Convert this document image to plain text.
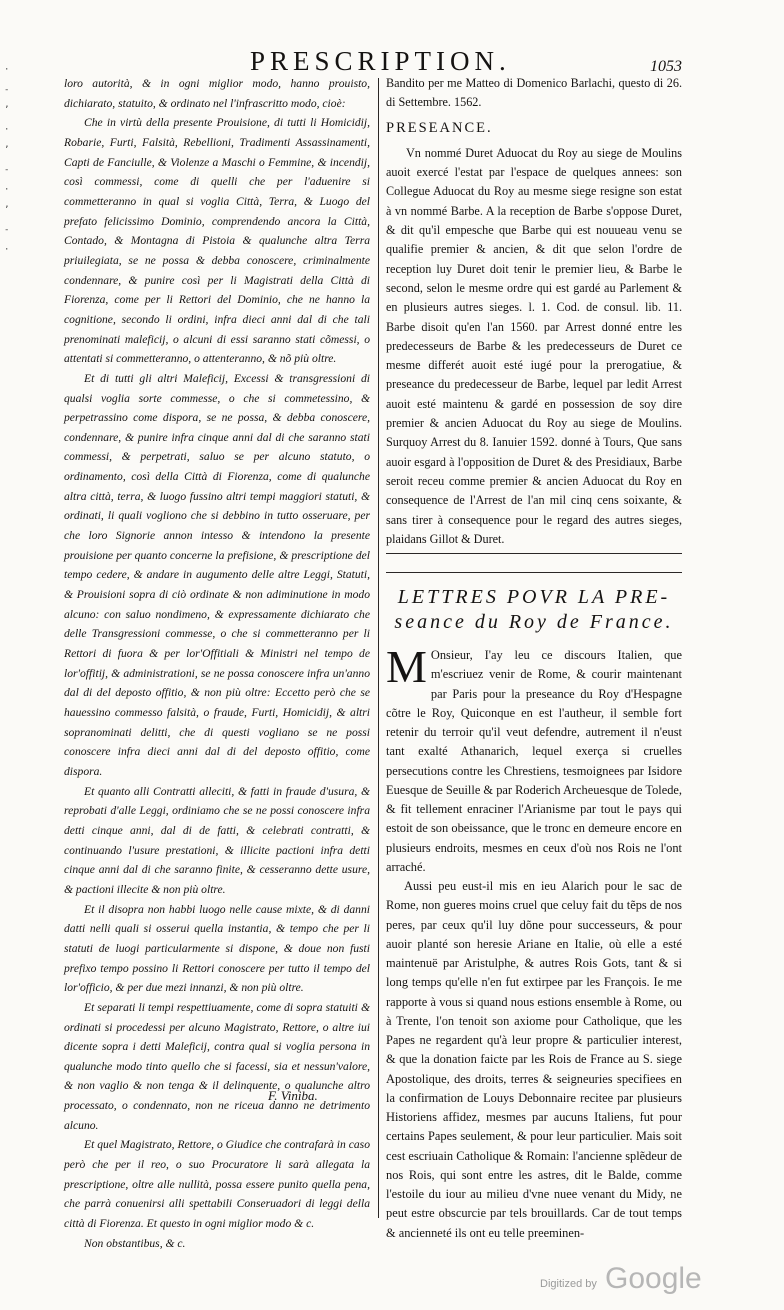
·
-
ʼ
·
ʼ
-
·
ʼ
-
·
PRESCRIPTION.	1053

loro autorità, & in ogni miglior modo, hanno prouisto, dichiarato, statuito, & ordinato nel l'infrascritto modo, cioè:

Che in virtù della presente Prouisione, di tutti li Homicidij, Robarie, Furti, Falsità, Rebellioni, Tradimenti Assassinamenti, Capti de Fanciulle, & Violenze a Maschi o Femmine, & incendij, così commessi, come di quelli che per l'aduenire si commetteranno in qual si voglia Città, Terra, & Luogo del prefato felicissimo Dominio, comprendendo ancora la Città, Contado, & Montagna di Pistoia & qualunche altra Terra priuilegiata, se ne possa & debba conoscere, criminalmente condennare, & punire così per li Magistrati della Città di Fiorenza, come per li Rettori del Dominio, che ne hanno la cognitione, secondo li ordini, infra dieci anni dal di che tali prenominati maleficij, o alcuni di essi saranno stati cõmessi, o attentati si commetteranno, o attenteranno, & nõ più oltre.

Et di tutti gli altri Maleficij, Excessi & transgressioni di qualsi voglia sorte commesse, o che si commetessino, & perpetrassino come dispora, se ne possa, & debba conoscere, condennare, & punire infra cinque anni dal di che saranno stati commessi, & perpetrati, saluo se per alcuno statuto, o ordinamento, così della Città di Fiorenza, come di qualunche altra città, terra, & luogo fussino altri tempi maggiori statuti, & ordinati, li quali vogliono che si debbino in tutto osseruare, per che loro Signorie annon intesso & intendono la presente prouisione per quanto concerne la prefisione, & prescriptione del tempo cedere, & andare in augumento delle altre Leggi, Statuti, & Prouisioni sopra di ciò ordinate & non adiminutione in modo alcuno: con saluo nondimeno, & expressamente dichiarato che delle Transgressioni commesse, o che si commetteranno per li Rettori di fuora & per lor'Offitiali & Ministri nel tempo de lor'offitij, & administrationi, se ne possa conoscere infra un'anno dal di del deposto offitio, & non più oltre: Eccetto però che se hauessino commesso falsità, o fraude, Furti, Homicidij, & altri sopranominati delitti, che di questi vogliano se ne possi conoscere infra dieci anni dal di del deposto offitio, come dispora.

Et quanto alli Contratti alleciti, & fatti in fraude d'usura, & reprobati d'alle Leggi, ordiniamo che se ne possi conoscere infra detti cinque anni, dal di de fatti, & celebrati contratti, & continuando l'usure prestationi, & illicite pactioni infra detti cinque anni dal di che saranno finite, & cesseranno dette usure, & pactioni illecite & non più oltre.

Et il disopra non habbi luogo nelle cause mixte, & di danni datti nelli quali si osserui quella instantia, & tempo che per li statuti de luogi particularmente si dispone, & doue non fusti prefixo tempo possino li Rettori conoscere per tutto il tempo del lor'officio, & per due mezi innanzi, & non più oltre.

Et separati li tempi respettiuamente, come di sopra statuiti & ordinati si procedessi per alcuno Magistrato, Rettore, o altre iui dicente sopra i detti Maleficij, contra qual si voglia persona in qualunche modo tinto quello che si facessi, sia et nessun'valore, & non vaglio & non tenga & il delinquente, o qualunche altro processato, o condennato, non ne riceua danno ne detrimento alcuno.

Et quel Magistrato, Rettore, o Giudice che contrafarà in caso però che per il reo, o suo Procuratore li sarà allegata la prescriptione, oltre alle nullità, possa essere punito quella pena, che parrà conuenirsi alli spettabili Conseruadori di leggi della città di Fiorenza. Et questo in ogni miglior modo & c.

Non obstantibus, & c.

F. Viniba.

Bandito per me Matteo di Domenico Barlachi, questo di 26. di Settembre. 1562.

PRESEANCE.

Vn nommé Duret Aduocat du Roy au siege de Moulins auoit exercé l'estat par l'espace de quelques annees: son Collegue Aduocat du Roy au mesme siege resigne son estat à vn nommé Barbe. A la reception de Barbe s'oppose Duret, & dit qu'il empesche que Barbe qui est nouueau venu se qualifie premier & ancien, & dit que selon l'ordre de reception luy Duret doit tenir le premier lieu, & Barbe le second, selon le mesme ordre qui est gardé au Parlement & en plusieurs autres sieges. l. 1. Cod. de consul. lib. 11. Barbe disoit qu'en l'an 1560. par Arrest donné entre les predecesseurs de Barbe & les predecesseurs de Duret ce mesme differét auoit esté iugé pour la prerogatiue, & preseance du predecesseur de Barbe, lequel par ledit Arrest auoit esté maintenu & gardé en possession de soy dire premier & ancien Aduocat du Roy au siege de Moulins. Surquoy Arrest du 8. Ianuier 1592. donné à Tours, Que sans auoir esgard à l'opposition de Duret & des Presidiaux, Barbe seroit receu comme premier & ancien Aduocat du Roy en consequence de l'Arrest de l'an mil cinq cens soixante, & sans tirer à consequence pour le regard des autres sieges, plaidans Gillot & Duret.

LETTRES POVR LA PRE-
seance du Roy de France.

M Onsieur, I'ay leu ce discours Italien, que m'escriuez venir de Rome, & courir maintenant par Paris pour la preseance du Roy d'Hespagne cõtre le Roy, Quiconque en est l'autheur, il semble fort retenir du terroir qu'il veut defendre, autrement il n'eust tant exalté Athanarich, lequel exerça si cruelles persecutions contre les Chrestiens, tesmoignees par Isidore Euesque de Seuille & par Roderich Archeuesque de Tolede, & fit tellement enraciner l'Arianisme par tout le pays qui estoit de son obeissance, que le tronc en demeure encore en plusieurs endroits, mesmes en ceux d'où nos Rois ne l'ont arraché.

Aussi peu eust-il mis en ieu Alarich pour le sac de Rome, non gueres moins cruel que celuy fait du tẽps de nos peres, par ceux qu'il luy dõne pour successeurs, & pour auoir planté son heresie Ariane en Italie, où elle a esté maintenuë par Aristulphe, & autres Rois Gots, tant & si long temps qu'elle n'en fut extirpee par les François. Ie me rapporte à vous si quand nous estions ensemble à Rome, ou à Trente, l'on tenoit son axiome pour Catholique, que les Papes ne regardent qu'à leur propre & particulier interest, & que la donation faicte par les Rois de France au S. siege Apostolique, des droits, terres & seigneuries specifiees en la confirmation de Louys Debonnaire recitee par plusieurs Historiens affidez, mesmes par aucuns Italiens, fut pour certains Papes seulement, & pour leur particulier. Mais soit cest escriuain Catholique & Romain: l'ancienne splẽdeur de nos Rois, qui sont entre les astres, dit le Balde, comme l'estoile du iour au milieu d'vne nuee venant du Midy, ne peut estre obscurcie par tels brouillards. Car de tout temps & ancienneté ils ont eu telle preeminen-

Digitized by Google
